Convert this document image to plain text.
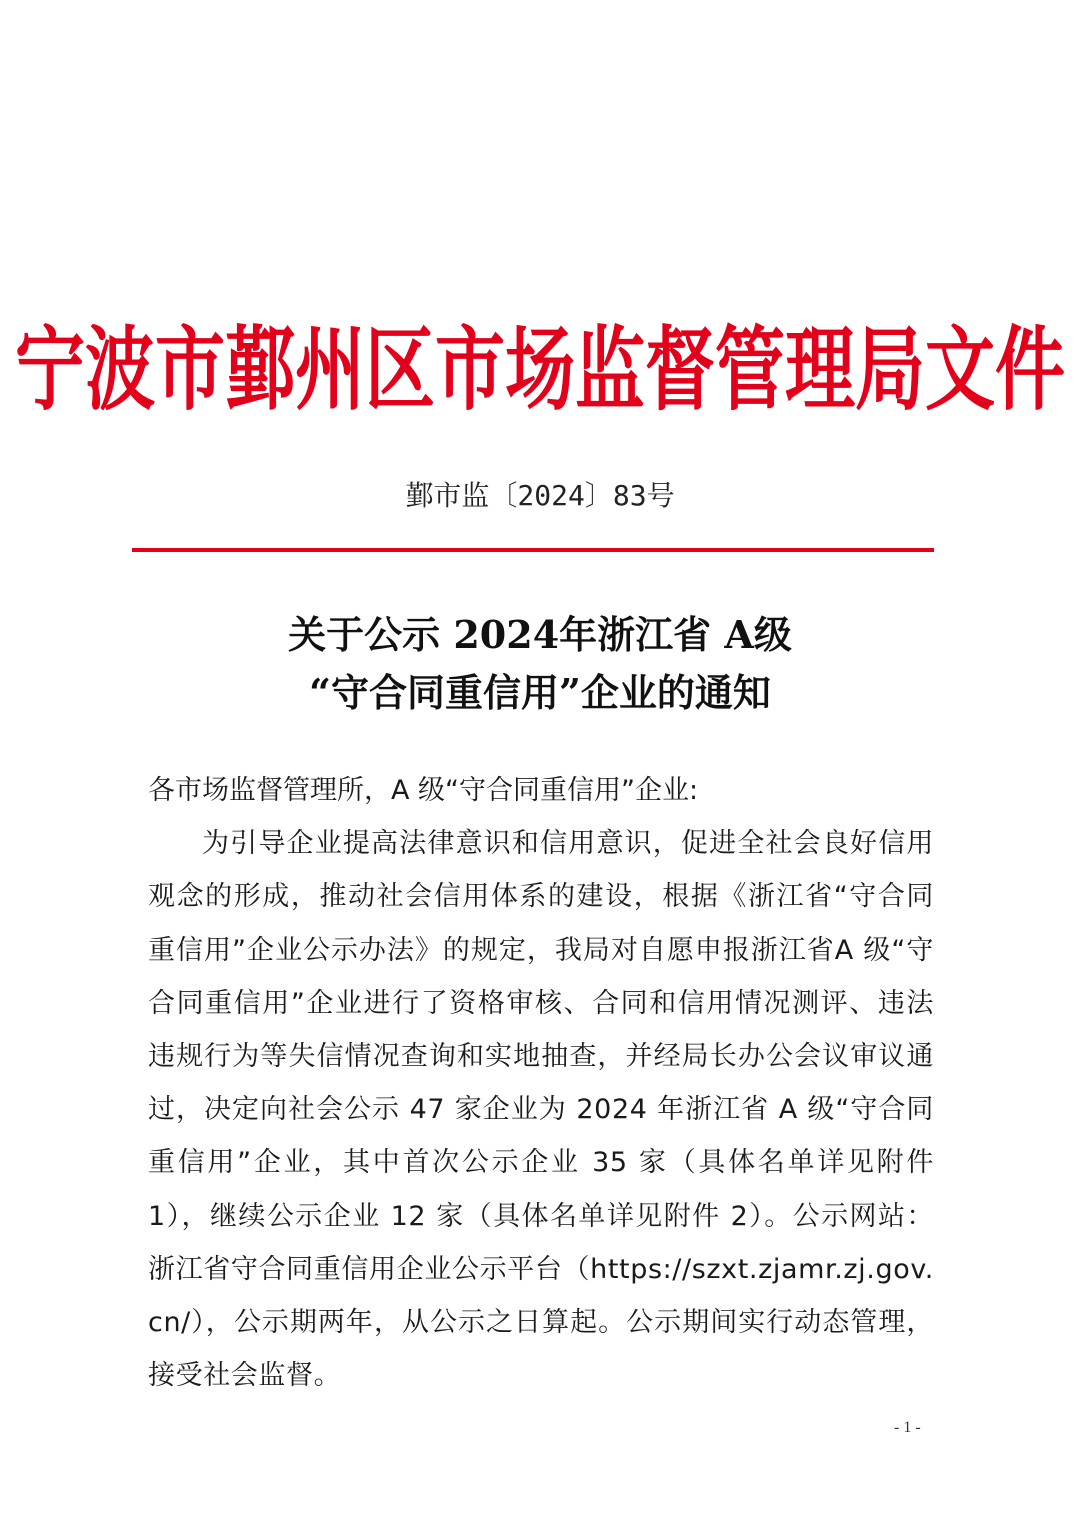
宁波市鄞州区市场监督管理局文件
鄞市监〔2024〕83号
关于公示 2024年浙江省 A级
“守合同重信用”企业的通知
各市场监督管理所，A 级“守合同重信用”企业:
为引导企业提高法律意识和信用意识，促进全社会良好信用观念的形成，推动社会信用体系的建设，根据《浙江省“守合同重信用”企业公示办法》的规定，我局对自愿申报浙江省A 级“守合同重信用”企业进行了资格审核、合同和信用情况测评、违法违规行为等失信情况查询和实地抽查，并经局长办公会议审议通过，决定向社会公示 47 家企业为 2024 年浙江省 A 级“守合同重信用”企业，其中首次公示企业 35 家（具体名单详见附件 1），继续公示企业 12 家（具体名单详见附件 2）。公示网站：浙江省守合同重信用企业公示平台（https://szxt.zjamr.zj.gov.cn/），公示期两年，从公示之日算起。公示期间实行动态管理，接受社会监督。
- 1 -
